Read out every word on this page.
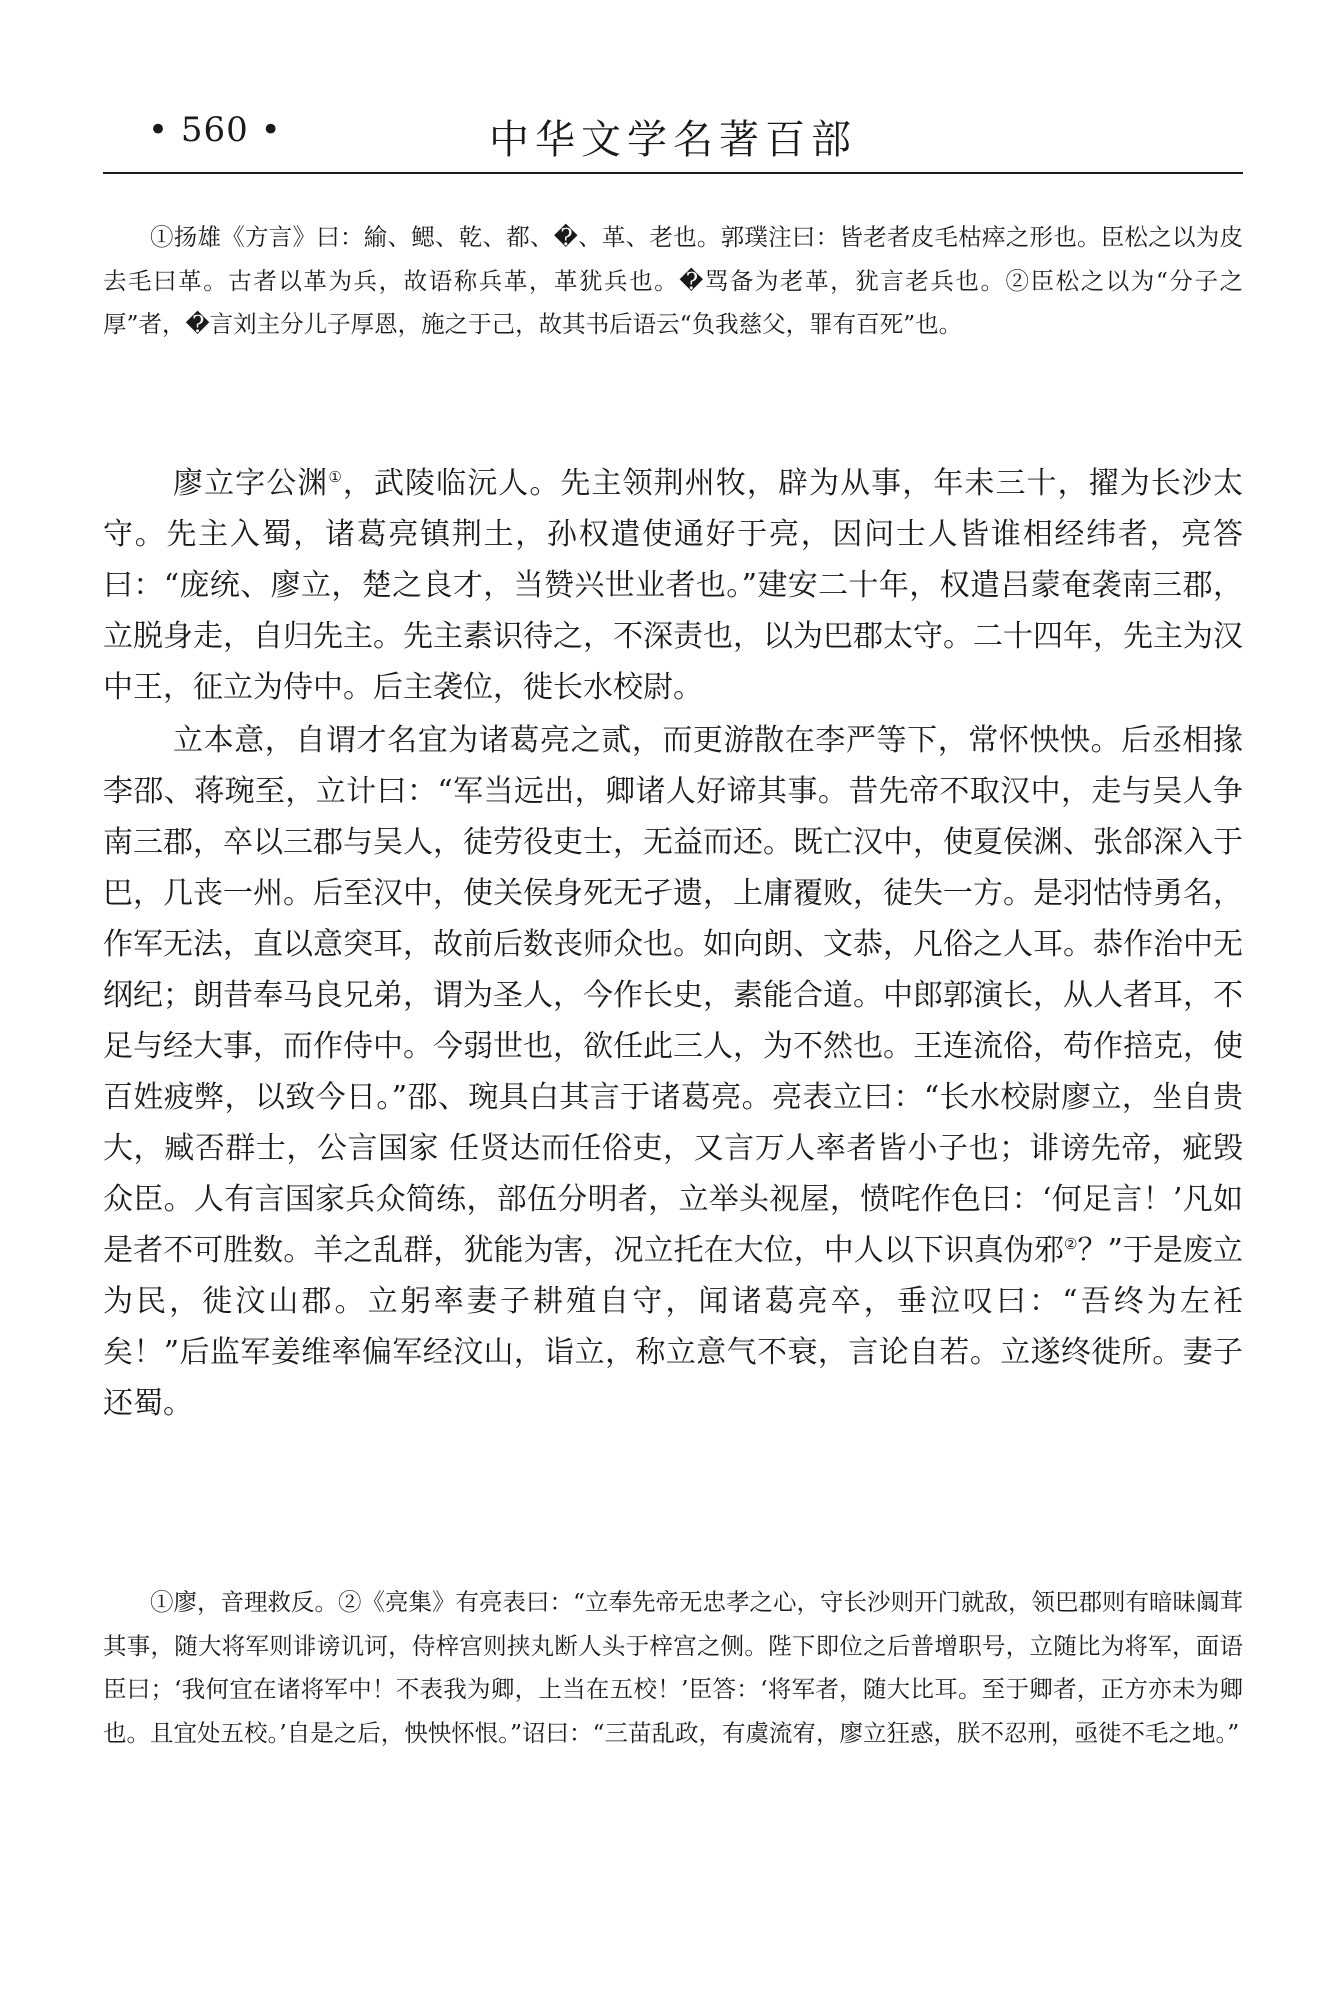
• 560 •	中华文学名著百部

①扬雄《方言》曰：緰、鳃、乾、都、�、革、老也。郭璞注曰：皆老者皮毛枯瘁之形也。臣松之以为皮去毛曰革。古者以革为兵，故语称兵革，革犹兵也。�骂备为老革，犹言老兵也。②臣松之以为“分子之厚”者，�言刘主分儿子厚恩，施之于己，故其书后语云“负我慈父，罪有百死”也。

廖立字公渊①，武陵临沅人。先主领荆州牧，辟为从事，年未三十，擢为长沙太守。先主入蜀，诸葛亮镇荆土，孙权遣使通好于亮，因问士人皆谁相经纬者，亮答曰：“庞统、廖立，楚之良才，当赞兴世业者也。”建安二十年，权遣吕蒙奄袭南三郡，立脱身走，自归先主。先主素识待之，不深责也，以为巴郡太守。二十四年，先主为汉中王，征立为侍中。后主袭位，徙长水校尉。

立本意，自谓才名宜为诸葛亮之贰，而更游散在李严等下，常怀怏怏。后丞相掾李邵、蒋琬至，立计曰：“军当远出，卿诸人好谛其事。昔先帝不取汉中，走与吴人争南三郡，卒以三郡与吴人，徒劳役吏士，无益而还。既亡汉中，使夏侯渊、张郃深入于巴，几丧一州。后至汉中，使关侯身死无孑遗，上庸覆败，徒失一方。是羽怙恃勇名，作军无法，直以意突耳，故前后数丧师众也。如向朗、文恭，凡俗之人耳。恭作治中无纲纪；朗昔奉马良兄弟，谓为圣人，今作长史，素能合道。中郎郭演长，从人者耳，不足与经大事，而作侍中。今弱世也，欲任此三人，为不然也。王连流俗，苟作掊克，使百姓疲弊，以致今日。”邵、琬具白其言于诸葛亮。亮表立曰：“长水校尉廖立，坐自贵大，臧否群士，公言国家 任贤达而任俗吏，又言万人率者皆小子也；诽谤先帝，疵毁众臣。人有言国家兵众简练，部伍分明者，立举头视屋，愤咤作色曰：‘何足言！’凡如是者不可胜数。羊之乱群，犹能为害，况立托在大位，中人以下识真伪邪②？”于是废立为民，徙汶山郡。立躬率妻子耕殖自守，闻诸葛亮卒，垂泣叹曰：“吾终为左衽矣！”后监军姜维率偏军经汶山，诣立，称立意气不衰，言论自若。立遂终徙所。妻子还蜀。

①廖，音理救反。②《亮集》有亮表曰：“立奉先帝无忠孝之心，守长沙则开门就敌，领巴郡则有暗昧阘茸其事，随大将军则诽谤讥诃，侍梓宫则挟丸断人头于梓宫之侧。陛下即位之后普增职号，立随比为将军，面语臣曰；‘我何宜在诸将军中！不表我为卿，上当在五校！’臣答：‘将军者，随大比耳。至于卿者，正方亦未为卿也。且宜处五校。’自是之后，怏怏怀恨。”诏曰：“三苗乱政，有虞流宥，廖立狂惑，朕不忍刑，亟徙不毛之地。”
